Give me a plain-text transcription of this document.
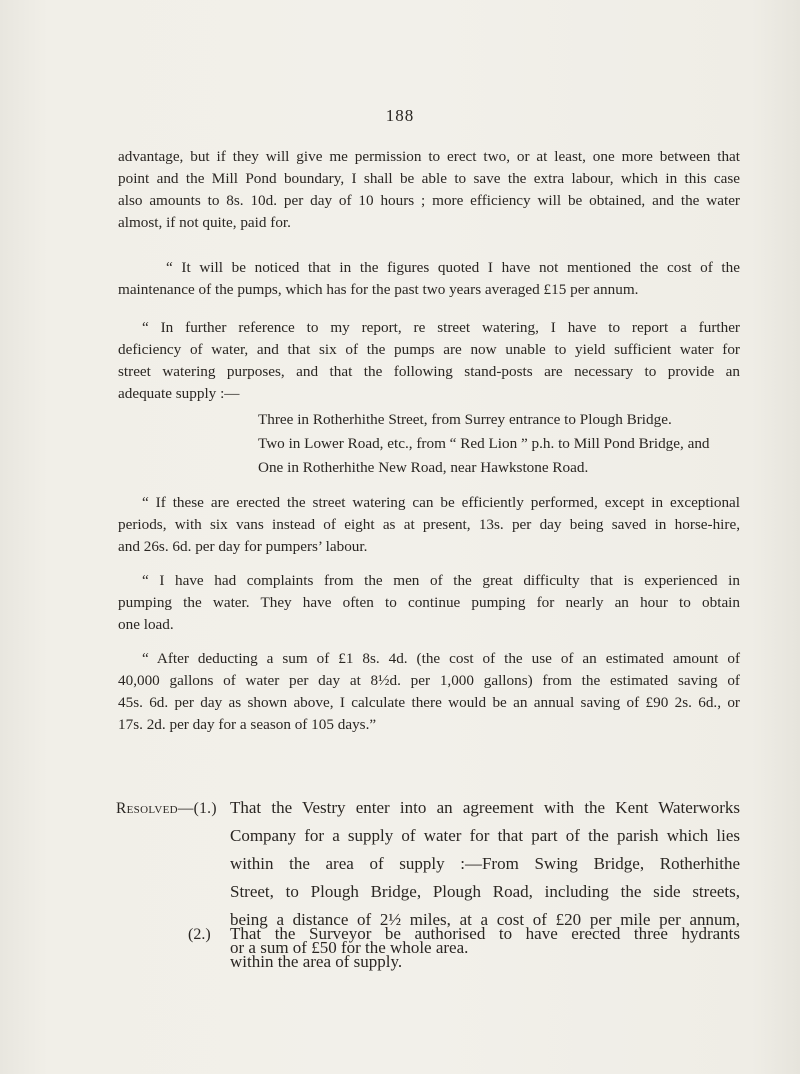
188
advantage, but if they will give me permission to erect two, or at least, one more between that
point and the Mill Pond boundary, I shall be able to save the extra labour, which in this case
also amounts to 8s. 10d. per day of 10 hours ; more efficiency will be obtained, and the water
almost, if not quite, paid for.
“ It will be noticed that in the figures quoted I have not mentioned the cost of the
maintenance of the pumps, which has for the past two years averaged £15 per annum.
“ In further reference to my report, re street watering, I have to report a further
deficiency of water, and that six of the pumps are now unable to yield sufficient water for
street watering purposes, and that the following stand-posts are necessary to provide an
adequate supply :—
Three in Rotherhithe Street, from Surrey entrance to Plough Bridge.
Two in Lower Road, etc., from “ Red Lion ” p.h. to Mill Pond Bridge, and
One in Rotherhithe New Road, near Hawkstone Road.
“ If these are erected the street watering can be efficiently performed, except in exceptional
periods, with six vans instead of eight as at present, 13s. per day being saved in horse-hire,
and 26s. 6d. per day for pumpers’ labour.
“ I have had complaints from the men of the great difficulty that is experienced in
pumping the water. They have often to continue pumping for nearly an hour to obtain
one load.
“ After deducting a sum of £1 8s. 4d. (the cost of the use of an estimated amount of
40,000 gallons of water per day at 8½d. per 1,000 gallons) from the estimated saving of
45s. 6d. per day as shown above, I calculate there would be an annual saving of £90 2s. 6d., or
17s. 2d. per day for a season of 105 days.”
Resolved—(1.) That the Vestry enter into an agreement with the Kent Waterworks
Company for a supply of water for that part of the parish which lies
within the area of supply :—From Swing Bridge, Rotherhithe
Street, to Plough Bridge, Plough Road, including the side streets,
being a distance of 2½ miles, at a cost of £20 per mile per annum,
or a sum of £50 for the whole area.
(2.) That the Surveyor be authorised to have erected three hydrants
within the area of supply.
